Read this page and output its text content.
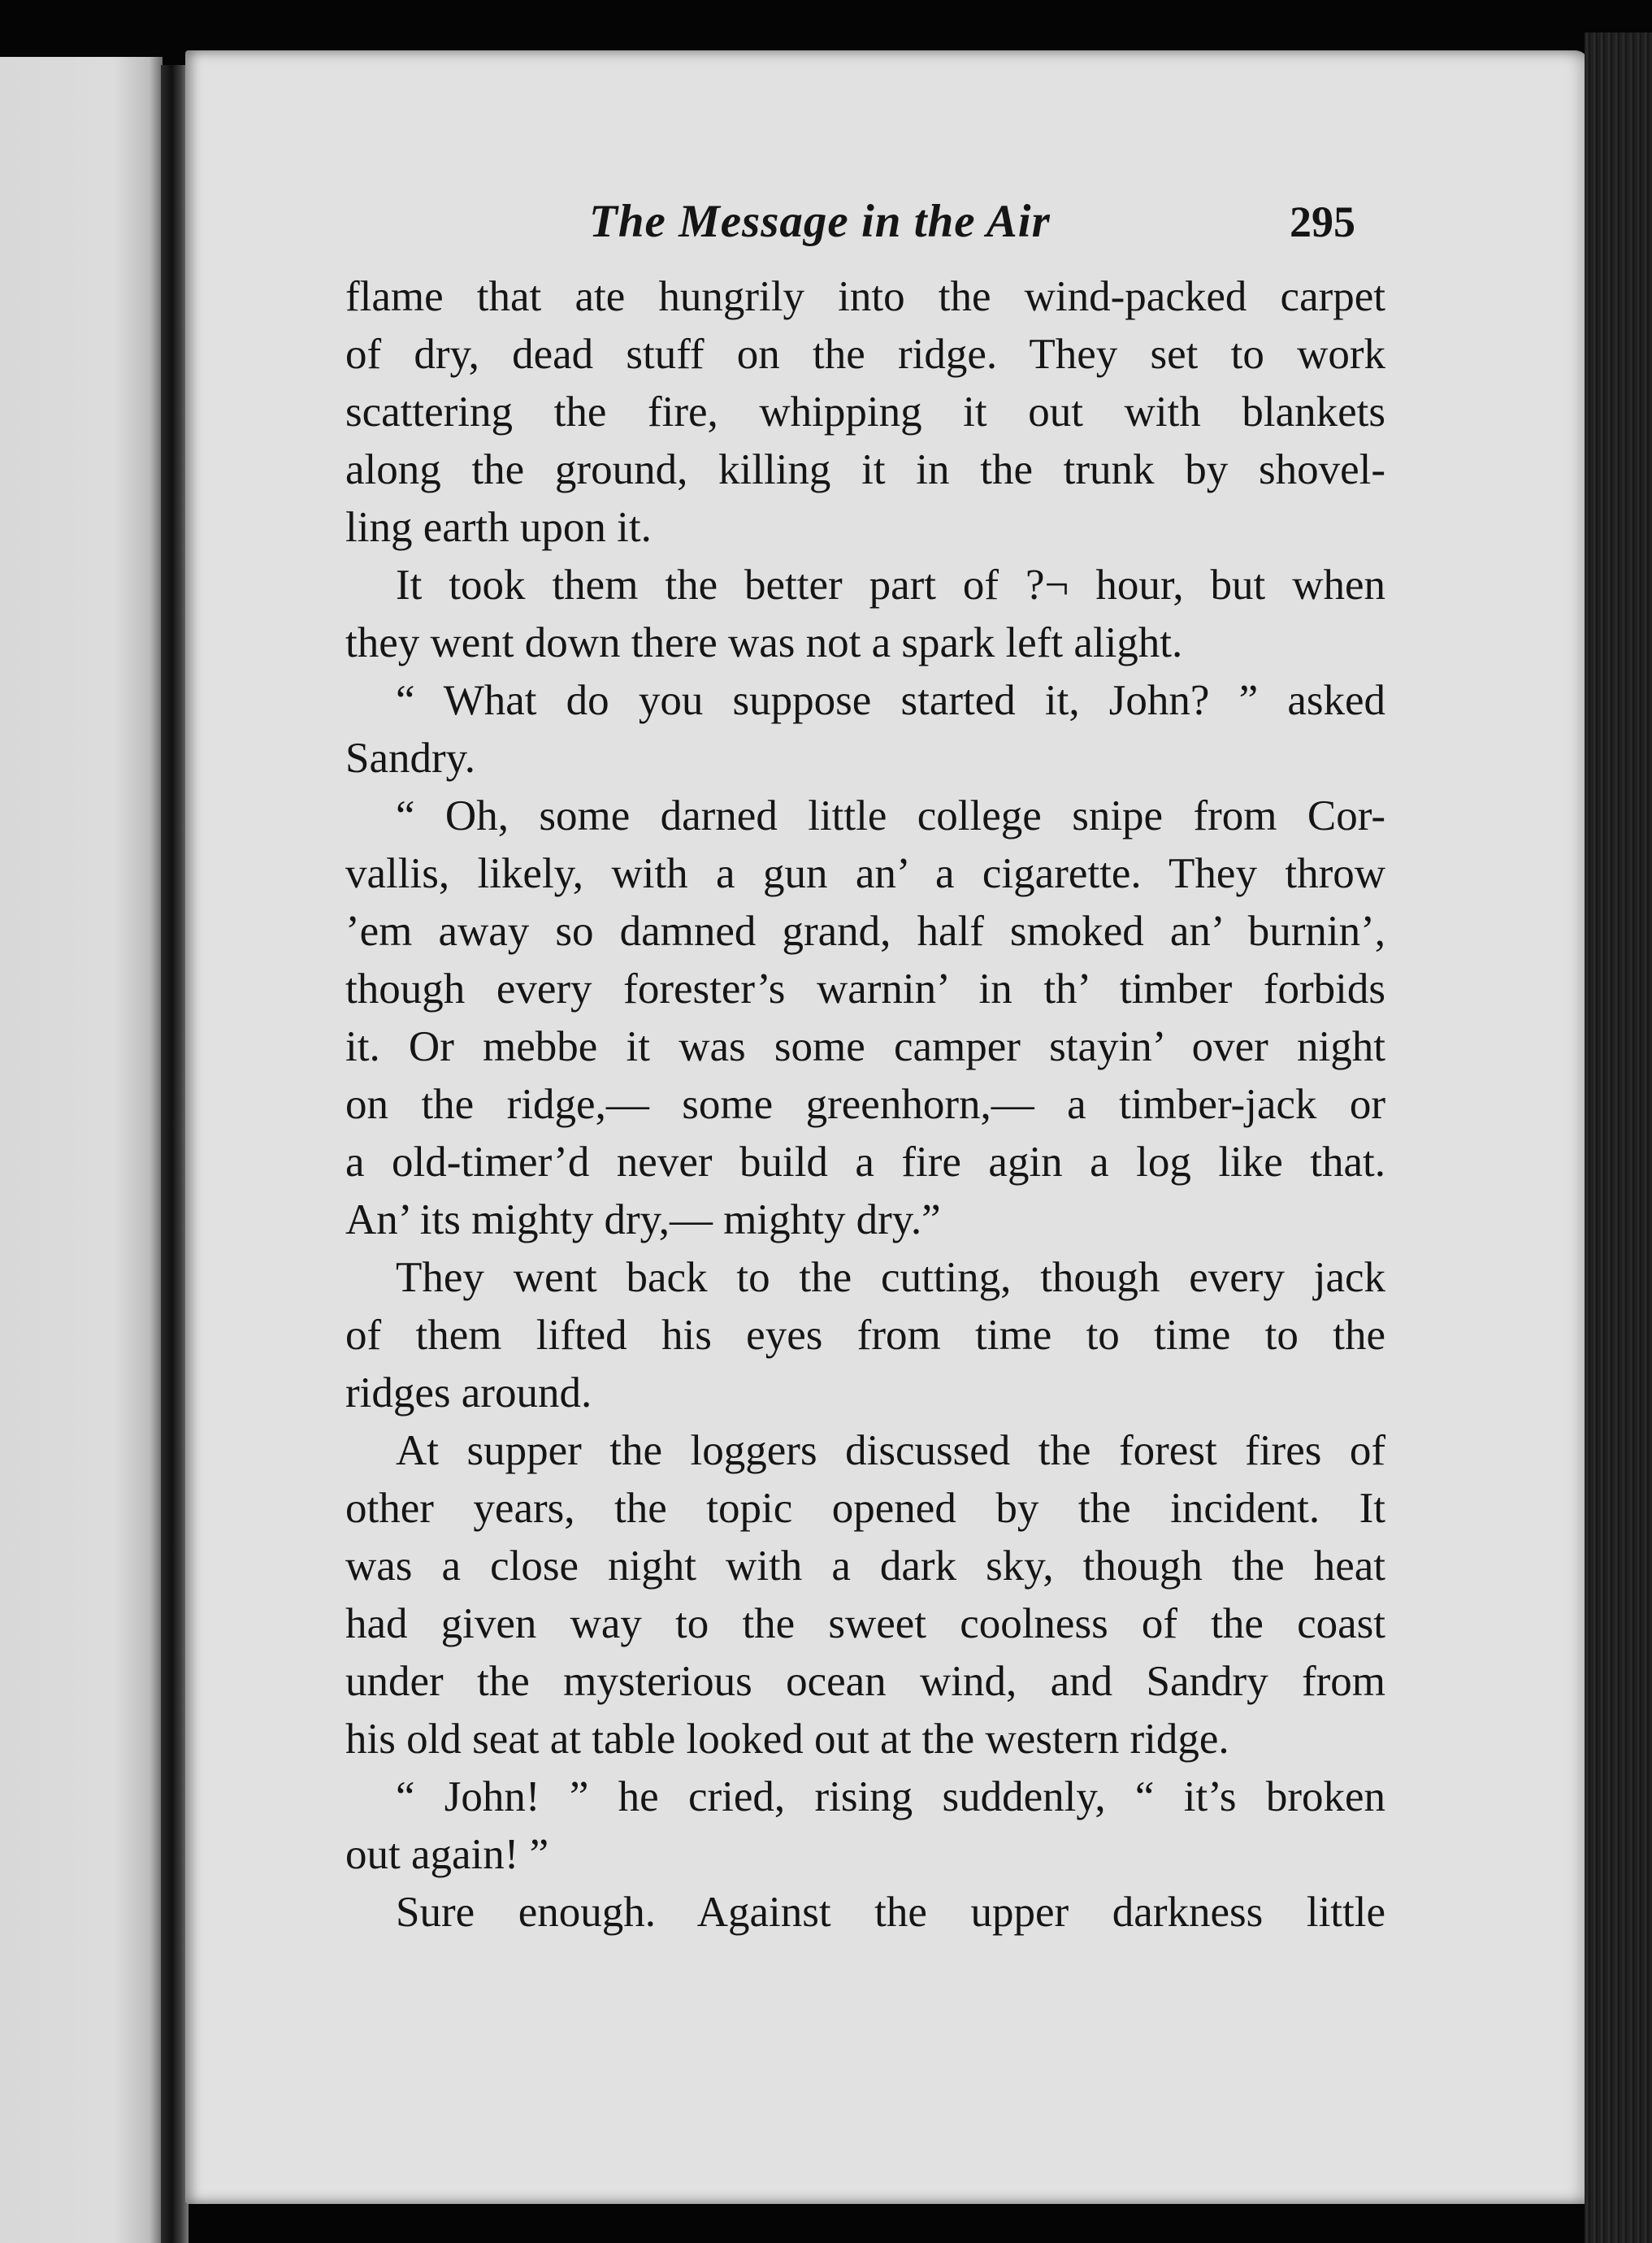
The Message in the Air	295
flame that ate hungrily into the wind-packed carpet
of dry, dead stuff on the ridge. They set to work
scattering the fire, whipping it out with blankets
along the ground, killing it in the trunk by shovel-
ling earth upon it.
It took them the better part of ?¬ hour, but when
they went down there was not a spark left alight.
“ What do you suppose started it, John? ” asked
Sandry.
“ Oh, some darned little college snipe from Cor-
vallis, likely, with a gun an’ a cigarette. They throw
’em away so damned grand, half smoked an’ burnin’,
though every forester’s warnin’ in th’ timber forbids
it. Or mebbe it was some camper stayin’ over night
on the ridge,— some greenhorn,— a timber-jack or
a old-timer’d never build a fire agin a log like that.
An’ its mighty dry,— mighty dry.”
They went back to the cutting, though every jack
of them lifted his eyes from time to time to the
ridges around.
At supper the loggers discussed the forest fires of
other years, the topic opened by the incident. It
was a close night with a dark sky, though the heat
had given way to the sweet coolness of the coast
under the mysterious ocean wind, and Sandry from
his old seat at table looked out at the western ridge.
“ John! ” he cried, rising suddenly, “ it’s broken
out again! ”
Sure enough. Against the upper darkness little
